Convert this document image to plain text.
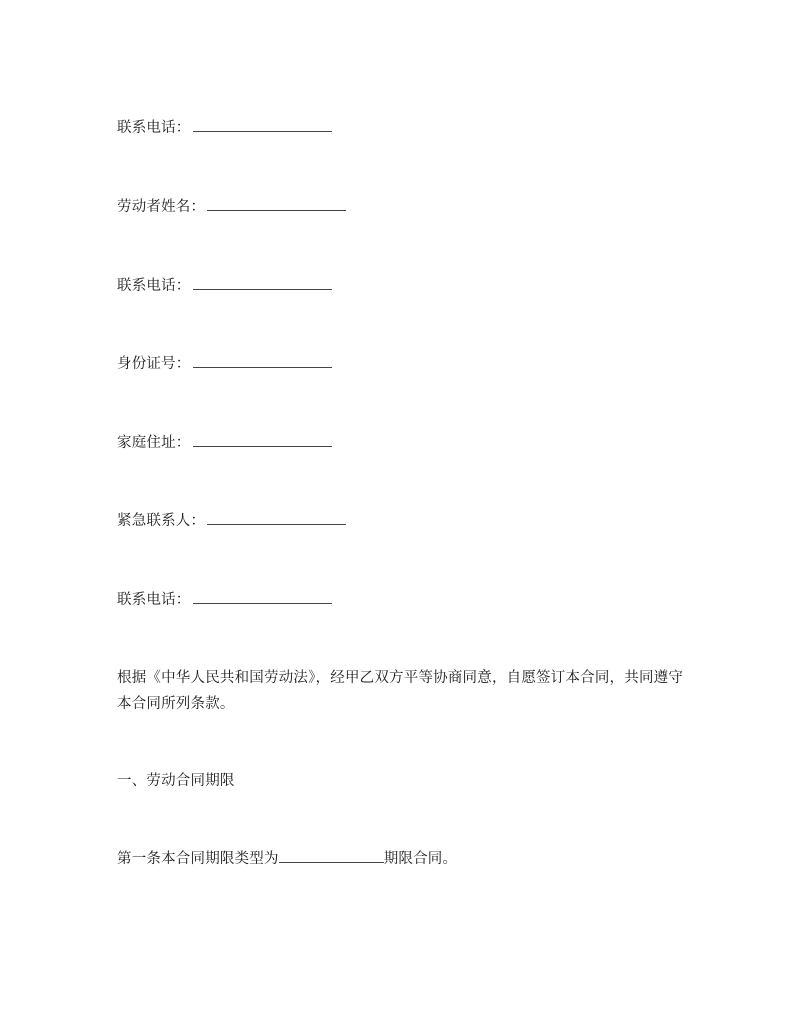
联系电话：
劳动者姓名：
联系电话：
身份证号：
家庭住址：
紧急联系人：
联系电话：
根据《中华人民共和国劳动法》，经甲乙双方平等协商同意，自愿签订本合同，共同遵守本合同所列条款。
一、劳动合同期限
第一条本合同期限类型为	期限合同。
